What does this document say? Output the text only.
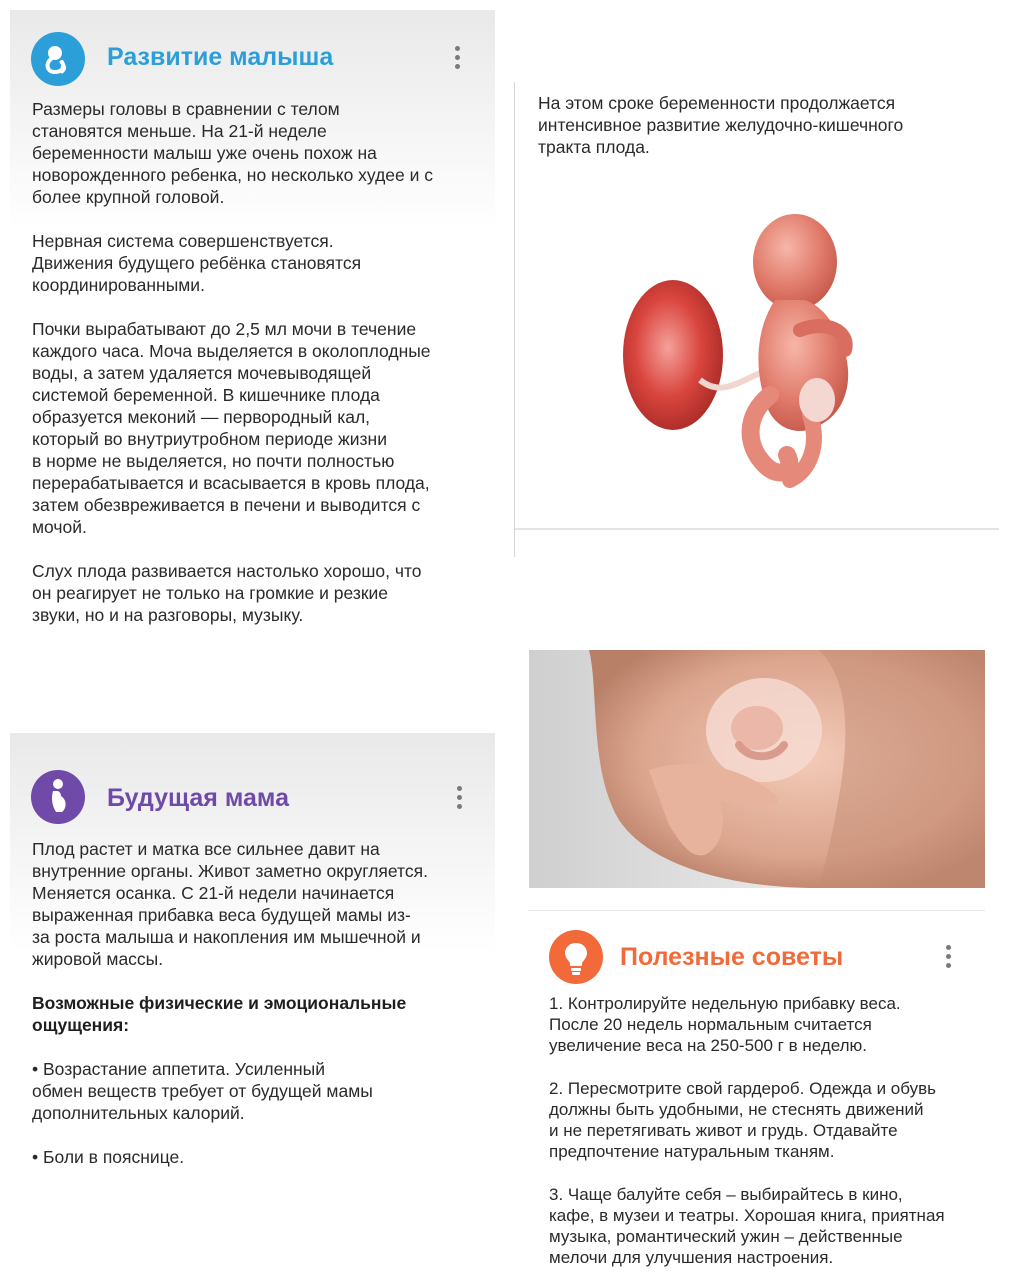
Развитие малыша

Размеры головы в сравнении с телом
становятся меньше. На 21-й неделе
беременности малыш уже очень похож на
новорожденного ребенка, но несколько худее и с
более крупной головой.

Нервная система совершенствуется.
Движения будущего ребёнка становятся
координированными.

Почки вырабатывают до 2,5 мл мочи в течение
каждого часа. Моча выделяется в околоплодные
воды, а затем удаляется мочевыводящей
системой беременной. В кишечнике плода
образуется меконий — первородный кал,
который во внутриутробном периоде жизни
в норме не выделяется, но почти полностью
перерабатывается и всасывается в кровь плода,
затем обезвреживается в печени и выводится с
мочой.

Слух плода развивается настолько хорошо, что
он реагирует не только на громкие и резкие
звуки, но и на разговоры, музыку.

На этом сроке беременности продолжается
интенсивное развитие желудочно-кишечного
тракта плода.

Будущая мама

Плод растет и матка все сильнее давит на
внутренние органы. Живот заметно округляется.
Меняется осанка. С 21-й недели начинается
выраженная прибавка веса будущей мамы из-
за роста малыша и накопления им мышечной и
жировой массы.

Возможные физические и эмоциональные
ощущения:

• Возрастание аппетита. Усиленный
обмен веществ требует от будущей мамы
дополнительных калорий.

• Боли в пояснице.

Полезные советы

1. Контролируйте недельную прибавку веса.
После 20 недель нормальным считается
увеличение веса на 250-500 г в неделю.

2. Пересмотрите свой гардероб. Одежда и обувь
должны быть удобными, не стеснять движений
и не перетягивать живот и грудь. Отдавайте
предпочтение натуральным тканям.

3. Чаще балуйте себя – выбирайтесь в кино,
кафе, в музеи и театры. Хорошая книга, приятная
музыка, романтический ужин – действенные
мелочи для улучшения настроения.
